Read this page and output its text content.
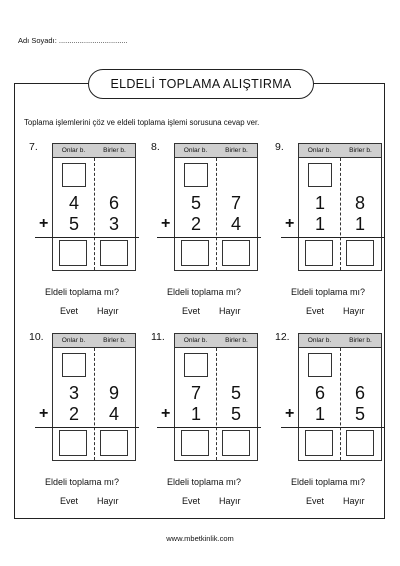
Adı Soyadı: .................................
ELDELİ TOPLAMA ALIŞTIRMA
Toplama işlemlerini çöz ve eldeli toplama işlemi sorusuna cevap ver.
7.	Onlar b.	Birler b.
4 6
5 3
+
Eldeli toplama mı?
Evet Hayır
8.	Onlar b.	Birler b.
5 7
2 4
+
Eldeli toplama mı?
Evet Hayır
9.	Onlar b.	Birler b.
1 8
1 1
+
Eldeli toplama mı?
Evet Hayır
10.	Onlar b.	Birler b.
3 9
2 4
+
Eldeli toplama mı?
Evet Hayır
11.	Onlar b.	Birler b.
7 5
1 5
+
Eldeli toplama mı?
Evet Hayır
12.	Onlar b.	Birler b.
6 6
1 5
+
Eldeli toplama mı?
Evet Hayır
www.mbetkinlik.com
